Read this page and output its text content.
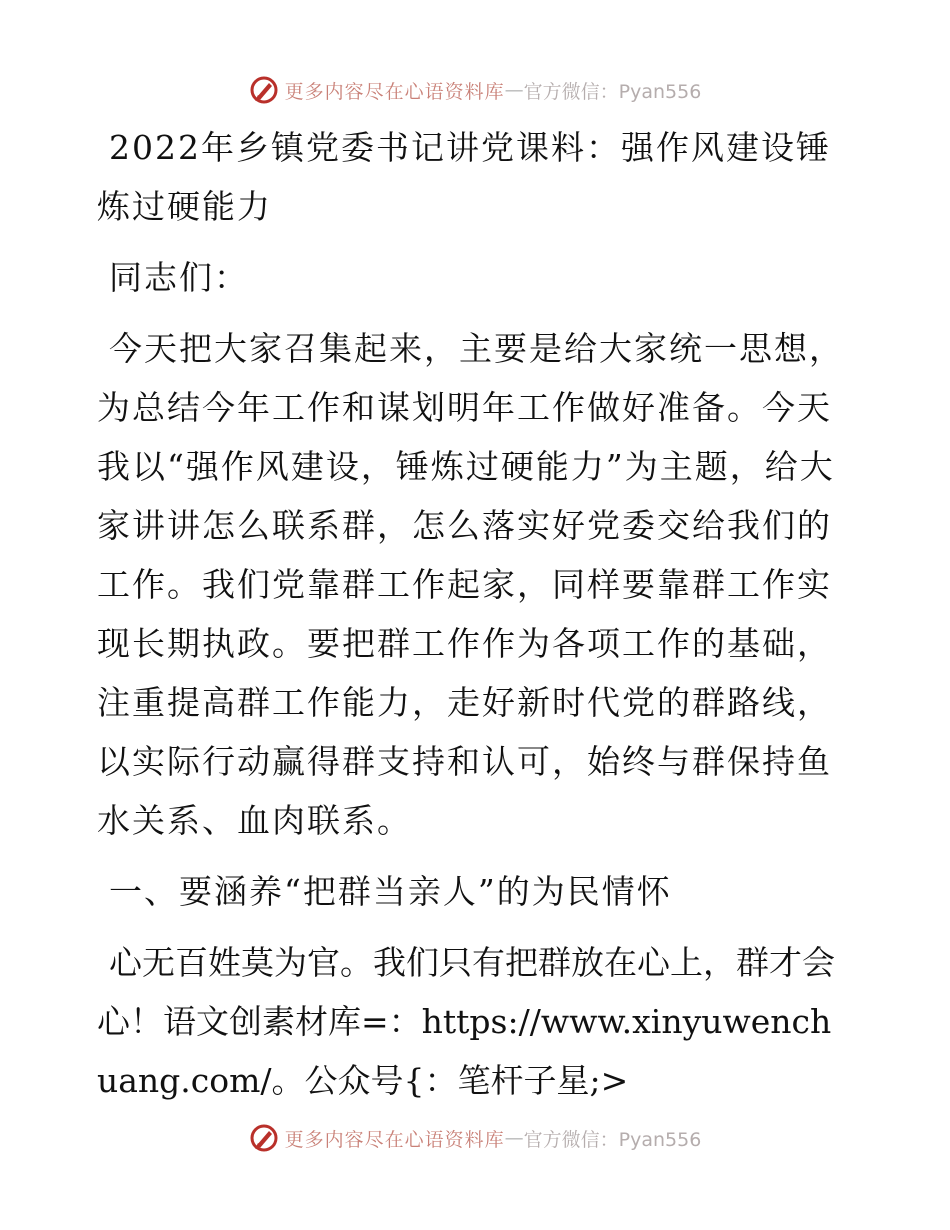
更多内容尽在心语资料库 — 官方微信：Pyan556

2022年乡镇党委书记讲党课料：强作风建设锤炼过硬能力

同志们：

今天把大家召集起来，主要是给大家统一思想，为总结今年工作和谋划明年工作做好准备。今天我以“强作风建设，锤炼过硬能力”为主题，给大家讲讲怎么联系群，怎么落实好党委交给我们的工作。我们党靠群工作起家，同样要靠群工作实现长期执政。要把群工作作为各项工作的基础，注重提高群工作能力，走好新时代党的群路线，以实际行动赢得群支持和认可，始终与群保持鱼水关系、血肉联系。

一、要涵养“把群当亲人”的为民情怀

心无百姓莫为官。我们只有把群放在心上，群才会心！语文创素材库=：https://www.xinyuwenchuang.com/。公众号{：笔杆子星;>

更多内容尽在心语资料库 — 官方微信：Pyan556
